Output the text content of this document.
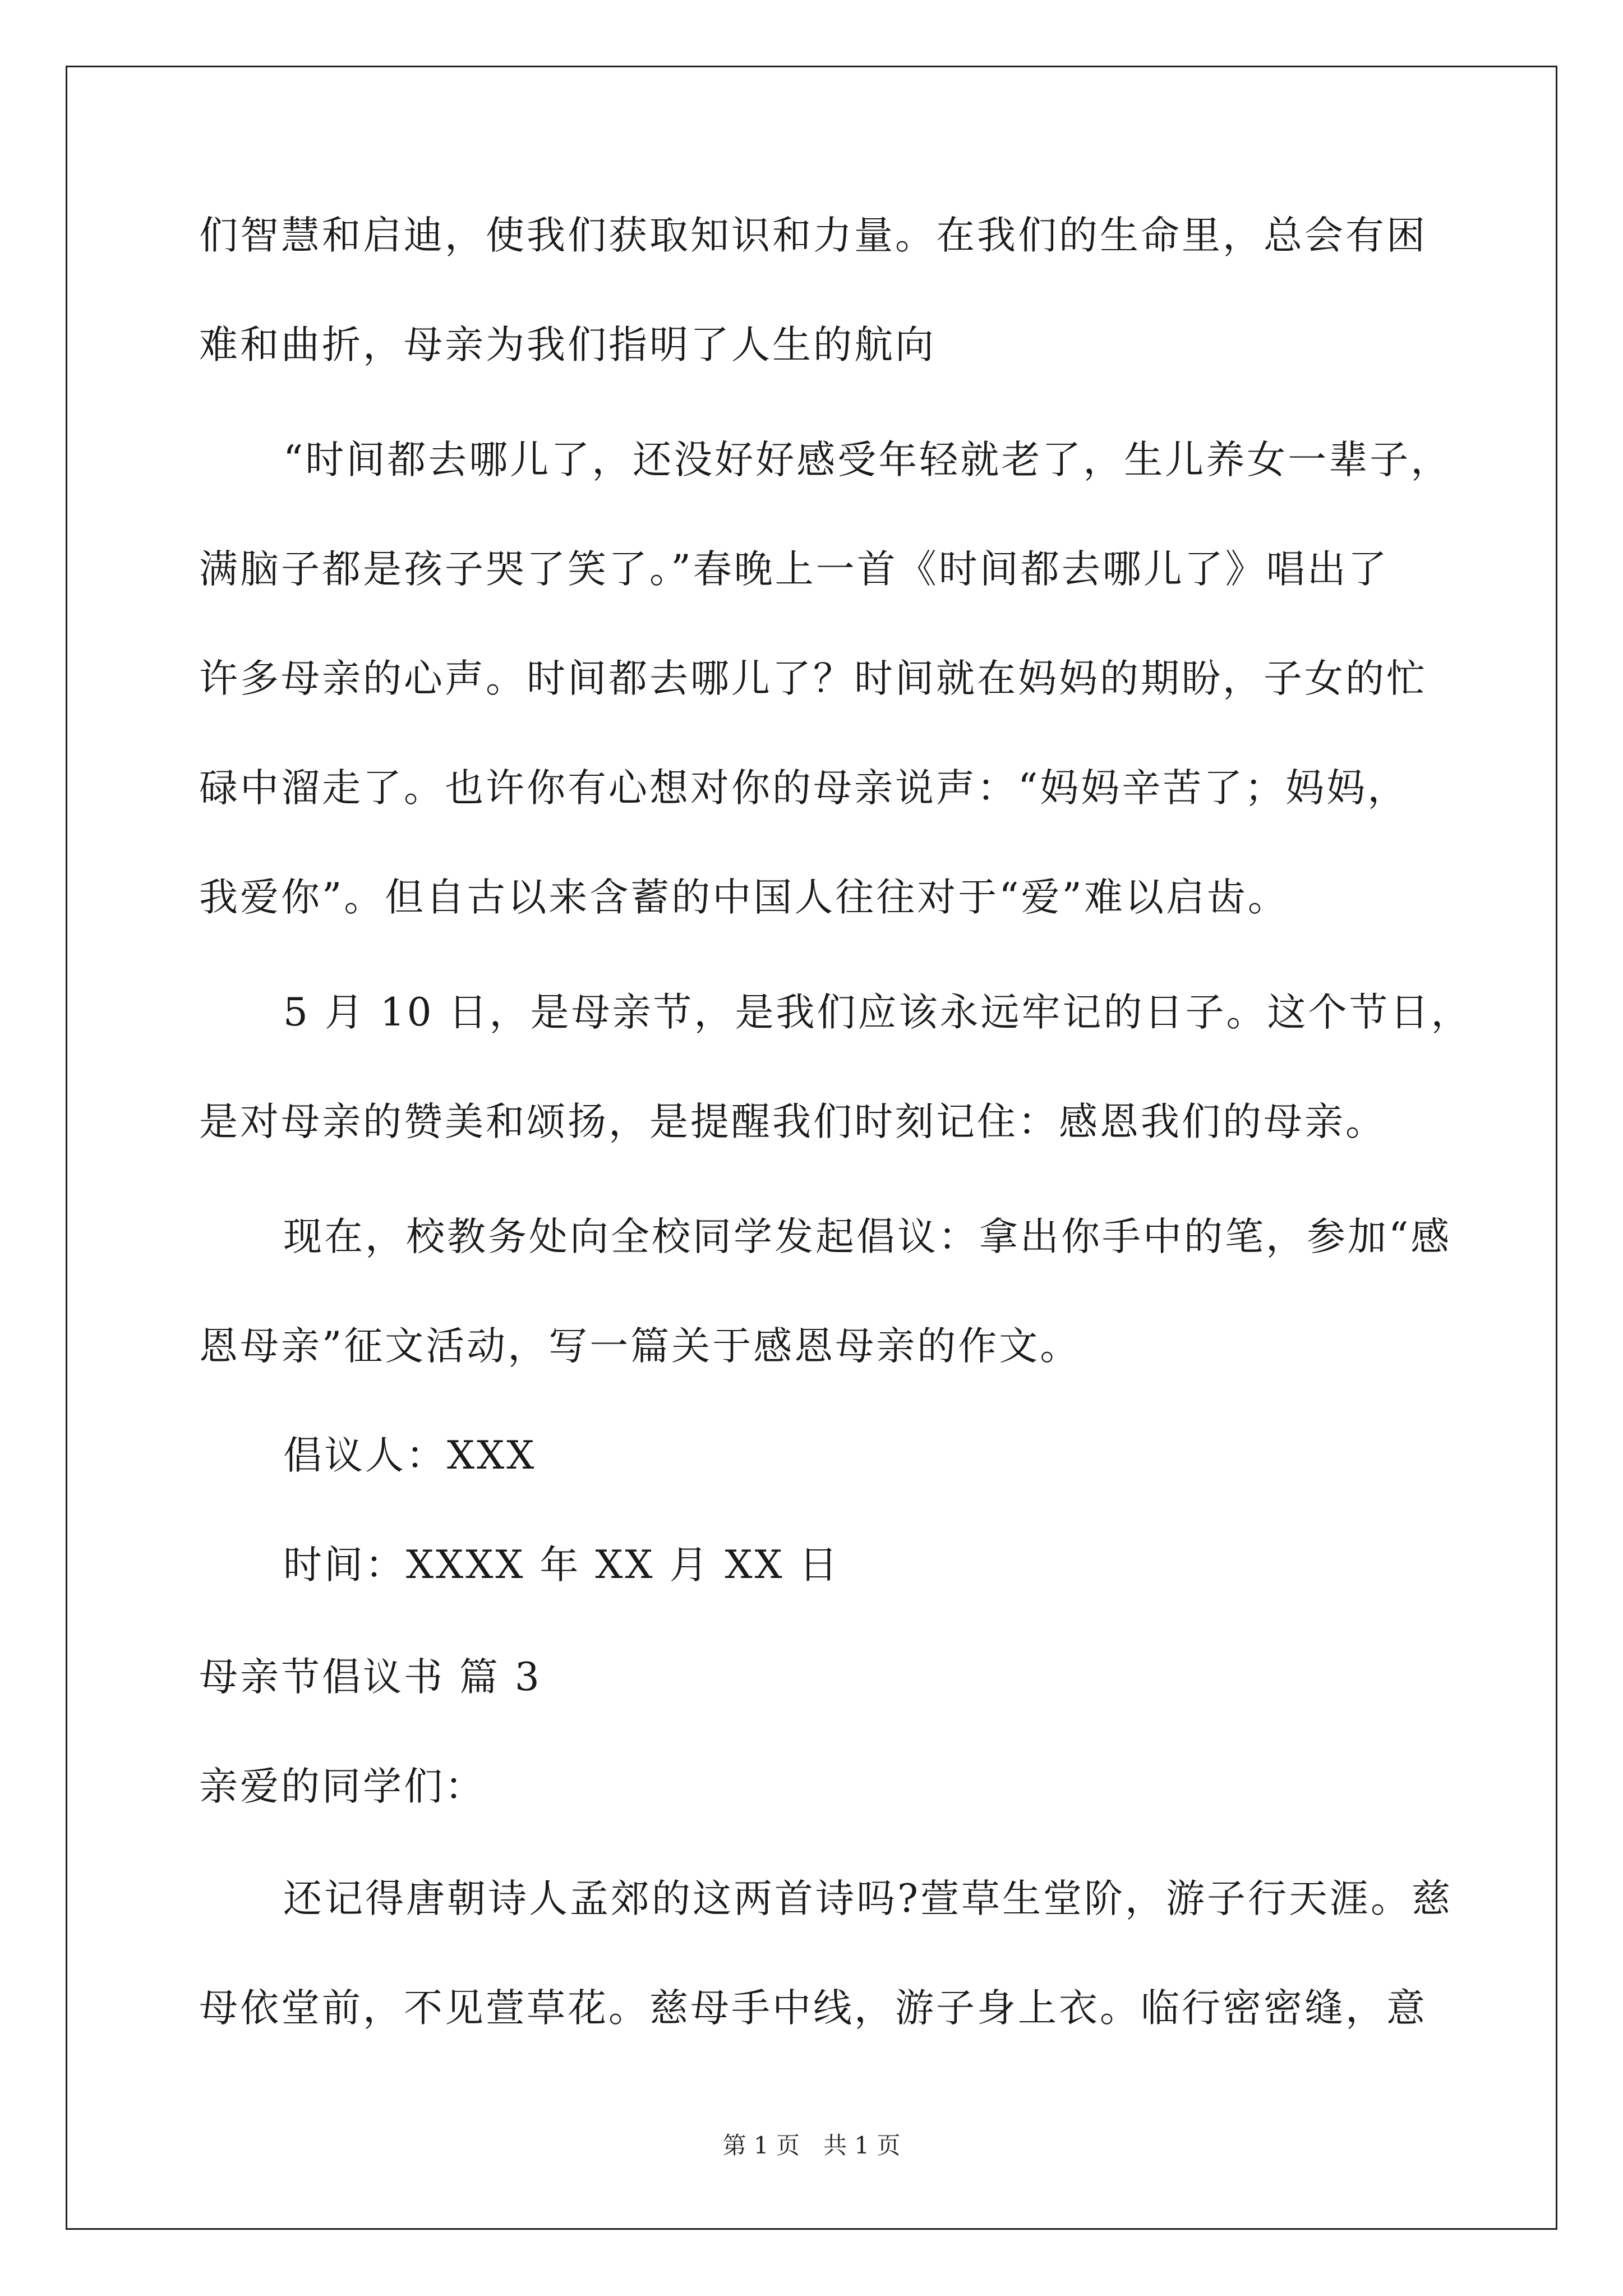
们智慧和启迪，使我们获取知识和力量。在我们的生命里，总会有困
难和曲折，母亲为我们指明了人生的航向
“时间都去哪儿了，还没好好感受年轻就老了，生儿养女一辈子，
满脑子都是孩子哭了笑了。”春晚上一首《时间都去哪儿了》唱出了
许多母亲的心声。时间都去哪儿了？时间就在妈妈的期盼，子女的忙
碌中溜走了。也许你有心想对你的母亲说声：“妈妈辛苦了；妈妈，
我爱你”。但自古以来含蓄的中国人往往对于“爱”难以启齿。
5 月 10 日，是母亲节，是我们应该永远牢记的日子。这个节日，
是对母亲的赞美和颂扬，是提醒我们时刻记住：感恩我们的母亲。
现在，校教务处向全校同学发起倡议：拿出你手中的笔，参加“感
恩母亲”征文活动，写一篇关于感恩母亲的作文。
倡议人：XXX
时间：XXXX 年 XX 月 XX 日
母亲节倡议书 篇 3
亲爱的同学们：
还记得唐朝诗人孟郊的这两首诗吗?萱草生堂阶，游子行天涯。慈
母依堂前，不见萱草花。慈母手中线，游子身上衣。临行密密缝，意
第 1 页　共 1 页
